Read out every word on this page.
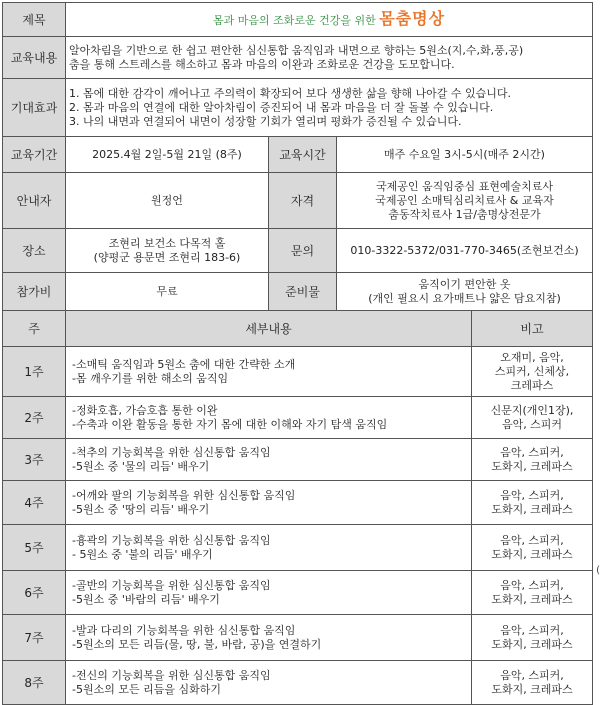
제목	몸과 마음의 조화로운 건강을 위한 몸춤명상			
교육내용	알아차림을 기반으로 한 쉽고 편안한 심신통합 움직임과 내면으로 향하는 5원소(지,수,화,풍,공)
춤을 통해 스트레스를 해소하고 몸과 마음의 이완과 조화로운 건강을 도모합니다.			

기대효과	1. 몸에 대한 감각이 깨어나고 주의력이 확장되어 보다 생생한 삶을 향해 나아갈 수 있습니다.
2. 몸과 마음의 연결에 대한 알아차림이 증진되어 내 몸과 마음을 더 잘 돌볼 수 있습니다.
3. 나의 내면과 연결되어 내면이 성장할 기회가 열리며 평화가 증진될 수 있습니다.			

교육기간	2025.4월 2일-5월 21일 (8주)	교육시간	매주 수요일 3시-5시(매주 2시간)	
안내자	원정언	자격	국제공인 움직임중심 표현예술치료사
국제공인 소매틱심리치료사 & 교육자
춤동작치료사 1급/춤명상전문가	

장소	조현리 보건소 다목적 홀
(양평군 용문면 조현리 183-6)	문의	010-3322-5372/031-770-3465(조현보건소)	
참가비	무료	준비물	움직이기 편안한 옷
(개인 필요시 요가매트나 얇은 담요지참)	

주	세부내용			비고
1주	-소매틱 움직임과 5원소 춤에 대한 간략한 소개
-몸 깨우기를 위한 해소의 움직임			오재미, 음악,
스피커, 신체상,
크레파스

2주	-정화호흡, 가슴호흡 통한 이완
-수축과 이완 활동을 통한 자기 몸에 대한 이해와 자기 탐색 움직임			신문지(개인1장),
음악, 스피커

3주	-척추의 기능회복을 위한 심신통합 움직임
-5원소 중 '물의 리듬' 배우기			음악, 스피커,
도화지, 크레파스

4주	-어깨와 팔의 기능회복을 위한 심신통합 움직임
-5원소 중 '땅의 리듬' 배우기			음악, 스피커,
도화지, 크레파스

5주	-흉곽의 기능회복을 위한 심신통합 움직임
- 5원소 중 '불의 리듬' 배우기			음악, 스피커,
도화지, 크레파스

6주	-골반의 기능회복을 위한 심신통합 움직임
-5원소 중 '바람의 리듬' 배우기			음악, 스피커,
도화지, 크레파스

7주	-발과 다리의 기능회복을 위한 심신통합 움직임
-5원소의 모든 리듬(물, 땅, 불, 바람, 공)을 연결하기			음악, 스피커,
도화지, 크레파스

8주	-전신의 기능회복을 위한 심신통합 움직임
-5원소의 모든 리듬을 심화하기			음악, 스피커,
도화지, 크레파스
(
